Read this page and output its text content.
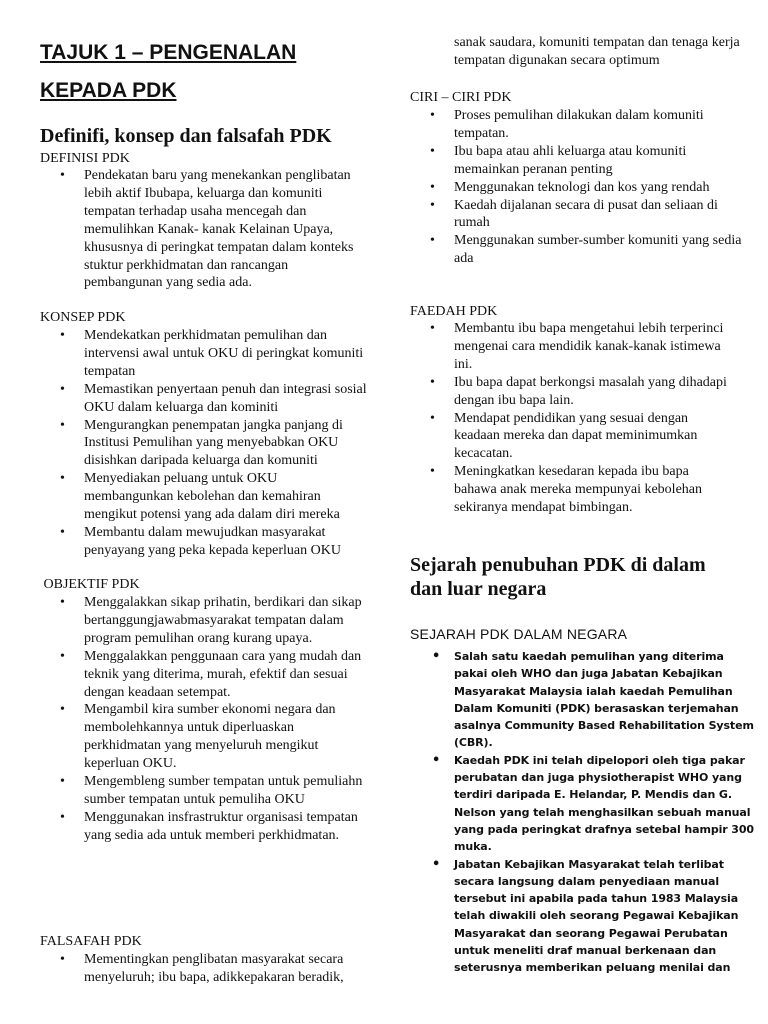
TAJUK 1 – PENGENALAN
KEPADA PDK
Definifi, konsep dan falsafah PDK

DEFINISI PDK

• Pendekatan baru yang menekankan penglibatan lebih aktif Ibubapa, keluarga dan komuniti tempatan terhadap usaha mencegah dan memulihkan Kanak- kanak Kelainan Upaya, khususnya di peringkat tempatan dalam konteks stuktur perkhidmatan dan rancangan pembangunan yang sedia ada.

KONSEP PDK

• Mendekatkan perkhidmatan pemulihan dan intervensi awal untuk OKU di peringkat komuniti tempatan
• Memastikan penyertaan penuh dan integrasi sosial OKU dalam keluarga dan kominiti
• Mengurangkan penempatan jangka panjang di Institusi Pemulihan yang menyebabkan OKU disishkan daripada keluarga dan komuniti
• Menyediakan peluang untuk OKU membangunkan kebolehan dan kemahiran mengikut potensi yang ada dalam diri mereka
• Membantu dalam mewujudkan masyarakat penyayang yang peka kepada keperluan OKU

OBJEKTIF PDK

• Menggalakkan sikap prihatin, berdikari dan sikap bertanggungjawabmasyarakat tempatan dalam program pemulihan orang kurang upaya.
• Menggalakkan penggunaan cara yang mudah dan teknik yang diterima, murah, efektif dan sesuai dengan keadaan setempat.
• Mengambil kira sumber ekonomi negara dan membolehkannya untuk diperluaskan perkhidmatan yang menyeluruh mengikut keperluan OKU.
• Mengembleng sumber tempatan untuk pemuliahn sumber tempatan untuk pemuliha OKU
• Menggunakan insfrastruktur organisasi tempatan yang sedia ada untuk memberi perkhidmatan.

FALSAFAH PDK

• Mementingkan penglibatan masyarakat secara menyeluruh; ibu bapa, adikkepakaran beradik,

sanak saudara, komuniti tempatan dan tenaga kerja tempatan digunakan secara optimum

CIRI – CIRI PDK

• Proses pemulihan dilakukan dalam komuniti tempatan.
• Ibu bapa atau ahli keluarga atau komuniti memainkan peranan penting
• Menggunakan teknologi dan kos yang rendah
• Kaedah dijalanan secara di pusat dan seliaan di rumah
• Menggunakan sumber-sumber komuniti yang sedia ada

FAEDAH PDK

• Membantu ibu bapa mengetahui lebih terperinci mengenai cara mendidik kanak-kanak istimewa ini.
• Ibu bapa dapat berkongsi masalah yang dihadapi dengan ibu bapa lain.
• Mendapat pendidikan yang sesuai dengan keadaan mereka dan dapat meminimumkan kecacatan.
• Meningkatkan kesedaran kepada ibu bapa bahawa anak mereka mempunyai kebolehan sekiranya mendapat bimbingan.
Sejarah penubuhan PDK di dalam dan luar negara

SEJARAH PDK DALAM NEGARA

• Salah satu kaedah pemulihan yang diterima pakai oleh WHO dan juga Jabatan Kebajikan Masyarakat Malaysia ialah kaedah Pemulihan Dalam Komuniti (PDK) berasaskan terjemahan asalnya Community Based Rehabilitation System (CBR).
• Kaedah PDK ini telah dipelopori oleh tiga pakar perubatan dan juga physiotherapist WHO yang terdiri daripada E. Helandar, P. Mendis dan G. Nelson yang telah menghasilkan sebuah manual yang pada peringkat drafnya setebal hampir 300 muka.
• Jabatan Kebajikan Masyarakat telah terlibat secara langsung dalam penyediaan manual tersebut ini apabila pada tahun 1983 Malaysia telah diwakili oleh seorang Pegawai Kebajikan Masyarakat dan seorang Pegawai Perubatan untuk meneliti draf manual berkenaan dan seterusnya memberikan peluang menilai dan
